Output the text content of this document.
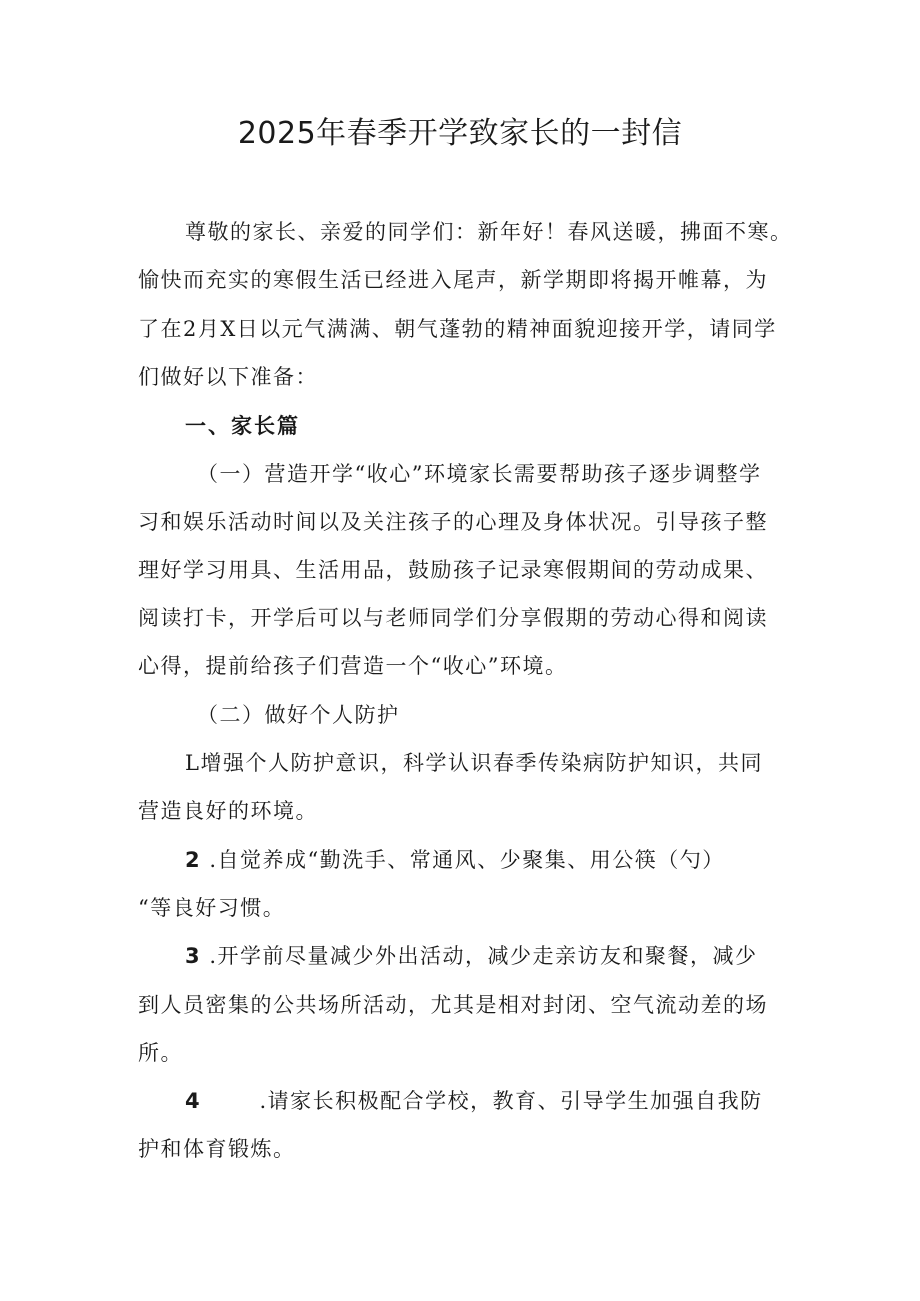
2025年春季开学致家长的一封信
尊敬的家长、亲爱的同学们：新年好！春风送暖，拂面不寒。
愉快而充实的寒假生活已经进入尾声，新学期即将揭开帷幕，为
了在2月X日以元气满满、朝气蓬勃的精神面貌迎接开学，请同学
们做好以下准备：
一、家长篇
（一）营造开学“收心”环境家长需要帮助孩子逐步调整学
习和娱乐活动时间以及关注孩子的心理及身体状况。引导孩子整
理好学习用具、生活用品，鼓励孩子记录寒假期间的劳动成果、
阅读打卡，开学后可以与老师同学们分享假期的劳动心得和阅读
心得，提前给孩子们营造一个“收心”环境。
（二）做好个人防护
L增强个人防护意识，科学认识春季传染病防护知识，共同
营造良好的环境。
2 .自觉养成“勤洗手、常通风、少聚集、用公筷（勺）
“等良好习惯。
3 .开学前尽量减少外出活动，减少走亲访友和聚餐，减少
到人员密集的公共场所活动，尤其是相对封闭、空气流动差的场
所。
4	.请家长积极配合学校，教育、引导学生加强自我防
护和体育锻炼。
